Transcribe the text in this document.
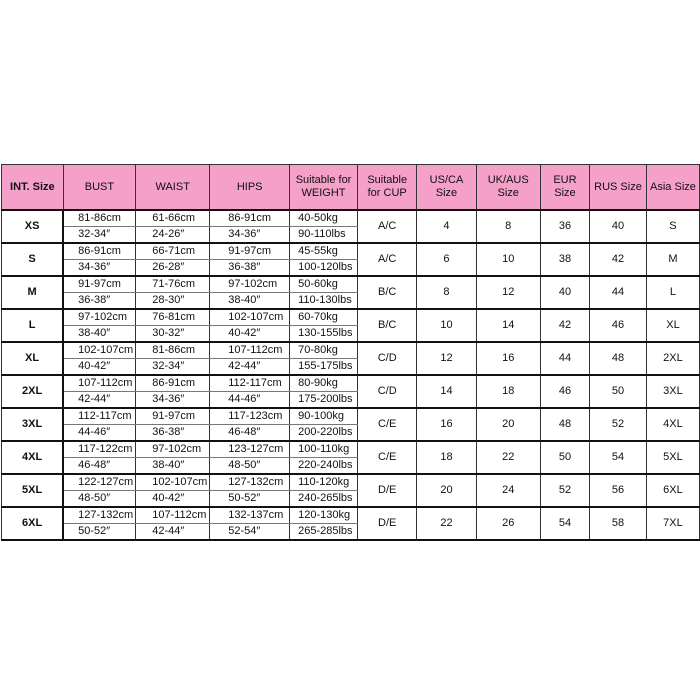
INT. Size	BUST	WAIST	HIPS	Suitable for WEIGHT	Suitable for CUP	US/CA Size	UK/AUS Size	EUR Size	RUS Size	Asia Size
XS	81-86cm	61-66cm	86-91cm	40-50kg	A/C	4	8	36	40	S
	32-34″	24-26″	34-36″	90-110lbs						
S	86-91cm	66-71cm	91-97cm	45-55kg	A/C	6	10	38	42	M
	34-36″	26-28″	36-38″	100-120lbs						
M	91-97cm	71-76cm	97-102cm	50-60kg	B/C	8	12	40	44	L
	36-38″	28-30″	38-40″	110-130lbs						
L	97-102cm	76-81cm	102-107cm	60-70kg	B/C	10	14	42	46	XL
	38-40″	30-32″	40-42″	130-155lbs						
XL	102-107cm	81-86cm	107-112cm	70-80kg	C/D	12	16	44	48	2XL
	40-42″	32-34″	42-44″	155-175lbs						
2XL	107-112cm	86-91cm	112-117cm	80-90kg	C/D	14	18	46	50	3XL
	42-44″	34-36″	44-46″	175-200lbs						
3XL	112-117cm	91-97cm	117-123cm	90-100kg	C/E	16	20	48	52	4XL
	44-46″	36-38″	46-48″	200-220lbs						
4XL	117-122cm	97-102cm	123-127cm	100-110kg	C/E	18	22	50	54	5XL
	46-48″	38-40″	48-50″	220-240lbs						
5XL	122-127cm	102-107cm	127-132cm	110-120kg	D/E	20	24	52	56	6XL
	48-50″	40-42″	50-52″	240-265lbs						
6XL	127-132cm	107-112cm	132-137cm	120-130kg	D/E	22	26	54	58	7XL
	50-52″	42-44″	52-54″	265-285lbs						
